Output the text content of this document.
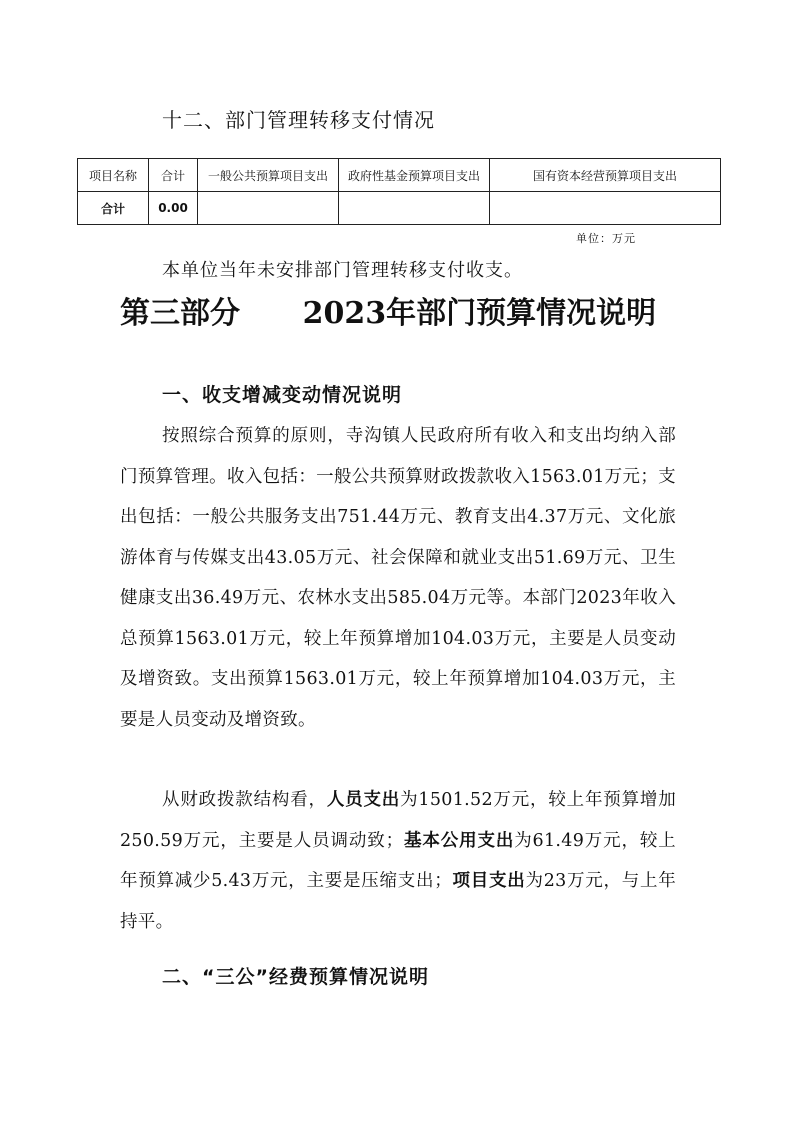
十二、部门管理转移支付情况
项目名称	合计	一般公共预算项目支出	政府性基金预算项目支出	国有资本经营预算项目支出
合计	0.00			
单位：万元
本单位当年未安排部门管理转移支付收支。
第三部分 2023年部门预算情况说明
一、收支增减变动情况说明
按照综合预算的原则，寺沟镇人民政府所有收入和支出均纳入部门预算管理。收入包括：一般公共预算财政拨款收入1563.01万元；支出包括：一般公共服务支出751.44万元、教育支出4.37万元、文化旅游体育与传媒支出43.05万元、社会保障和就业支出51.69万元、卫生健康支出36.49万元、农林水支出585.04万元等。本部门2023年收入总预算1563.01万元，较上年预算增加104.03万元，主要是人员变动及增资致。支出预算1563.01万元，较上年预算增加104.03万元，主要是人员变动及增资致。
从财政拨款结构看，人员支出为1501.52万元，较上年预算增加250.59万元，主要是人员调动致；基本公用支出为61.49万元，较上年预算减少5.43万元，主要是压缩支出；项目支出为23万元，与上年持平。
二、“三公”经费预算情况说明
